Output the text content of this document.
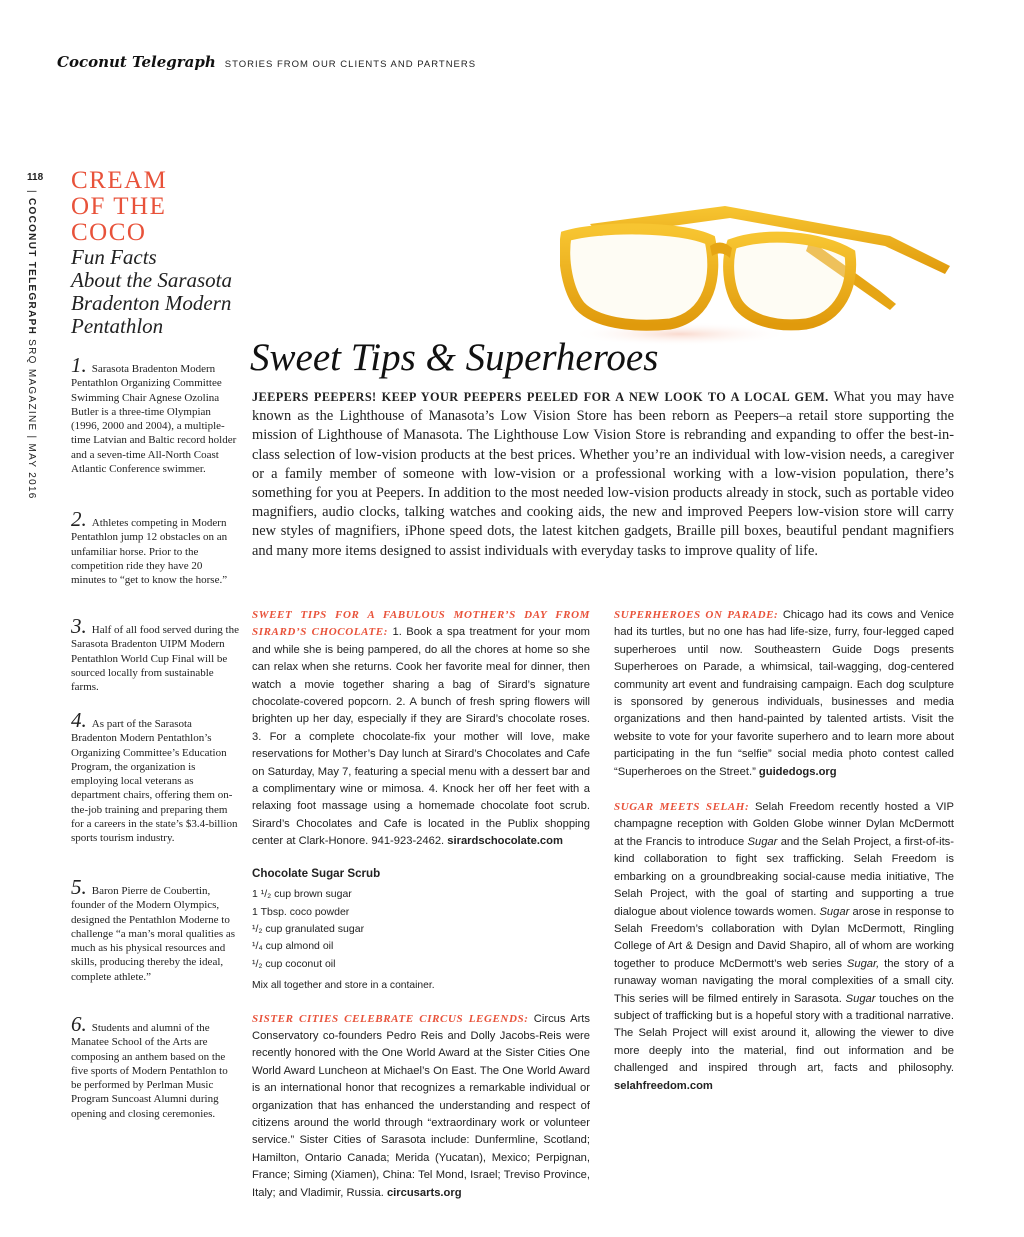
Coconut Telegraph STORIES FROM OUR CLIENTS AND PARTNERS
118
| COCONUT TELEGRAPH SRQ MAGAZINE | MAY 2016
CREAM
OF THE
COCO
Fun Facts
About the Sarasota
Bradenton Modern
Pentathlon
1. Sarasota Bradenton Modern Pentathlon Organizing Committee Swimming Chair Agnese Ozolina Butler is a three-time Olympian (1996, 2000 and 2004), a multiple-time Latvian and Baltic record holder and a seven-time All-North Coast Atlantic Conference swimmer.
2. Athletes competing in Modern Pentathlon jump 12 obstacles on an unfamiliar horse. Prior to the competition ride they have 20 minutes to “get to know the horse.”
3. Half of all food served during the Sarasota Bradenton UIPM Modern Pentathlon World Cup Final will be sourced locally from sustainable farms.
4. As part of the Sarasota Bradenton Modern Pentathlon’s Organizing Committee’s Education Program, the organization is employing local veterans as department chairs, offering them on-the-job training and preparing them for a careers in the state’s $3.4-billion sports tourism industry.
5. Baron Pierre de Coubertin, founder of the Modern Olympics, designed the Pentathlon Moderne to challenge “a man’s moral qualities as much as his physical resources and skills, producing thereby the ideal, complete athlete.”
6. Students and alumni of the Manatee School of the Arts are composing an anthem based on the five sports of Modern Pentathlon to be performed by Perlman Music Program Suncoast Alumni during opening and closing ceremonies.
Sweet Tips & Superheroes
JEEPERS PEEPERS! KEEP YOUR PEEPERS PEELED FOR A NEW LOOK TO A LOCAL GEM. What you may have known as the Lighthouse of Manasota’s Low Vision Store has been reborn as Peepers–a retail store supporting the mission of Lighthouse of Manasota. The Lighthouse Low Vision Store is rebranding and expanding to offer the best-in-class selection of low-vision products at the best prices. Whether you’re an individual with low-vision needs, a caregiver or a family member of someone with low-vision or a professional working with a low-vision population, there’s something for you at Peepers. In addition to the most needed low-vision products already in stock, such as portable video magnifiers, audio clocks, talking watches and cooking aids, the new and improved Peepers low-vision store will carry new styles of magnifiers, iPhone speed dots, the latest kitchen gadgets, Braille pill boxes, beautiful pendant magnifiers and many more items designed to assist individuals with everyday tasks to improve quality of life.
SWEET TIPS FOR A FABULOUS MOTHER’S DAY FROM SIRARD’S CHOCOLATE: 1. Book a spa treatment for your mom and while she is being pampered, do all the chores at home so she can relax when she returns. Cook her favorite meal for dinner, then watch a movie together sharing a bag of Sirard’s signature chocolate-covered popcorn. 2. A bunch of fresh spring flowers will brighten up her day, especially if they are Sirard’s chocolate roses. 3. For a complete chocolate-fix your mother will love, make reservations for Mother’s Day lunch at Sirard’s Chocolates and Cafe on Saturday, May 7, featuring a special menu with a dessert bar and a complimentary wine or mimosa. 4. Knock her off her feet with a relaxing foot massage using a homemade chocolate foot scrub. Sirard’s Chocolates and Cafe is located in the Publix shopping center at Clark-Honore. 941-923-2462. sirardschocolate.com
Chocolate Sugar Scrub
1 ¹/₂ cup brown sugar
1 Tbsp. coco powder
¹/₂ cup granulated sugar
¹/₄ cup almond oil
¹/₂ cup coconut oil
Mix all together and store in a container.
SISTER CITIES CELEBRATE CIRCUS LEGENDS: Circus Arts Conservatory co-founders Pedro Reis and Dolly Jacobs-Reis were recently honored with the One World Award at the Sister Cities One World Award Luncheon at Michael’s On East. The One World Award is an international honor that recognizes a remarkable individual or organization that has enhanced the understanding and respect of citizens around the world through “extraordinary work or volunteer service.” Sister Cities of Sarasota include: Dunfermline, Scotland; Hamilton, Ontario Canada; Merida (Yucatan), Mexico; Perpignan, France; Siming (Xiamen), China: Tel Mond, Israel; Treviso Province, Italy; and Vladimir, Russia. circusarts.org
SUPERHEROES ON PARADE: Chicago had its cows and Venice had its turtles, but no one has had life-size, furry, four-legged caped superheroes until now. Southeastern Guide Dogs presents Superheroes on Parade, a whimsical, tail-wagging, dog-centered community art event and fundraising campaign. Each dog sculpture is sponsored by generous individuals, businesses and media organizations and then hand-painted by talented artists. Visit the website to vote for your favorite superhero and to learn more about participating in the fun “selfie” social media photo contest called “Superheroes on the Street.” guidedogs.org
SUGAR MEETS SELAH: Selah Freedom recently hosted a VIP champagne reception with Golden Globe winner Dylan McDermott at the Francis to introduce Sugar and the Selah Project, a first-of-its-kind collaboration to fight sex trafficking. Selah Freedom is embarking on a groundbreaking social-cause media initiative, The Selah Project, with the goal of starting and supporting a true dialogue about violence towards women. Sugar arose in response to Selah Freedom’s collaboration with Dylan McDermott, Ringling College of Art & Design and David Shapiro, all of whom are working together to produce McDermott’s web series Sugar, the story of a runaway woman navigating the moral complexities of a small city. This series will be filmed entirely in Sarasota. Sugar touches on the subject of trafficking but is a hopeful story with a traditional narrative. The Selah Project will exist around it, allowing the viewer to dive more deeply into the material, find out information and be challenged and inspired through art, facts and philosophy. selahfreedom.com
